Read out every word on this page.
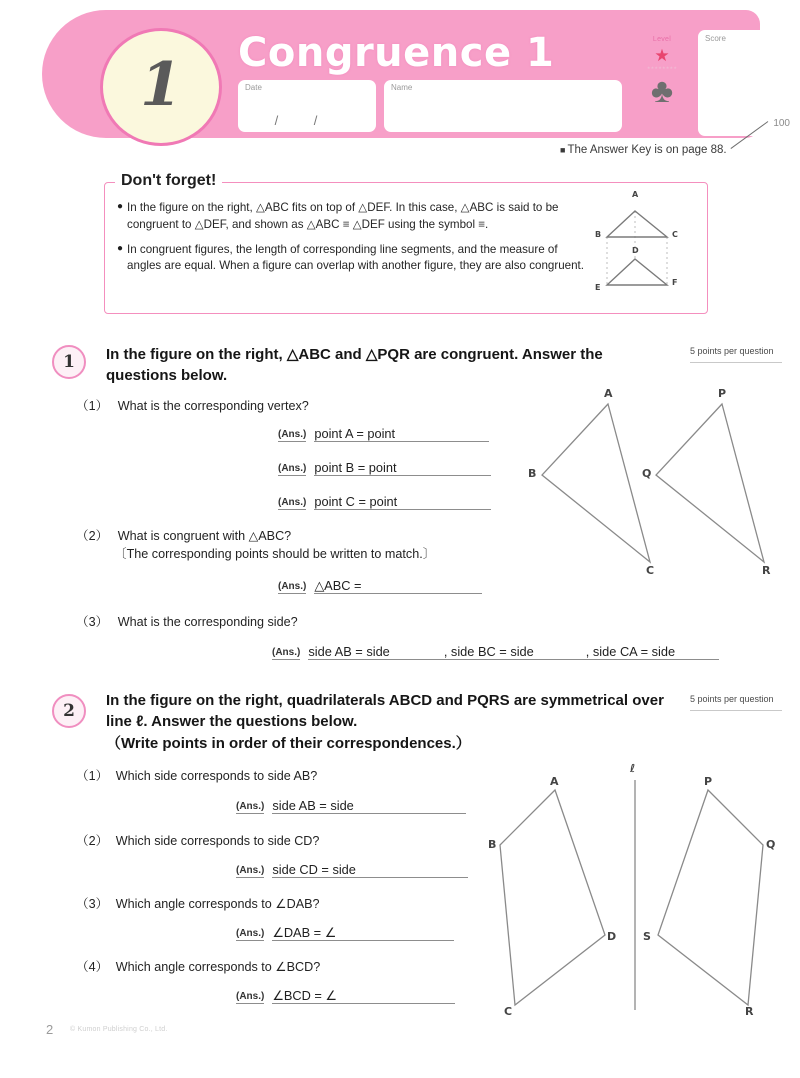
1 Congruence 1
Date
/ /
Name
Level
★
★★★★★★★★
♣
Score
100
■ The Answer Key is on page 88.
Don't forget!
● In the figure on the right, △ABC fits on top of △DEF. In this case, △ABC is said to be congruent to △DEF, and shown as △ABC ≡ △DEF using the symbol ≡.
● In congruent figures, the length of corresponding line segments, and the measure of angles are equal. When a figure can overlap with another figure, they are also congruent.
A
B	C
D
E
F
1 In the figure on the right, △ABC and △PQR are congruent. Answer the questions below.
5 points per question
（1） What is the corresponding vertex?
(Ans.) point A = point
(Ans.) point B = point
(Ans.) point C = point
（2） What is congruent with △ABC?
〔The corresponding points should be written to match.〕
(Ans.) △ABC =
（3） What is the corresponding side?
(Ans.) side AB = side	, side BC = side	, side CA = side
A
B
C
P
Q
R
2
In the figure on the right, quadrilaterals ABCD and PQRS are symmetrical over line ℓ. Answer the questions below.
（Write points in order of their correspondences.）
5 points per question
（1） Which side corresponds to side AB?
(Ans.) side AB = side
（2） Which side corresponds to side CD?
(Ans.) side CD = side
（3） Which angle corresponds to ∠DAB?
(Ans.) ∠DAB = ∠
（4） Which angle corresponds to ∠BCD?
(Ans.) ∠BCD = ∠
A
B
C
D
P
Q
R
S
ℓ
2 © Kumon Publishing Co., Ltd.
